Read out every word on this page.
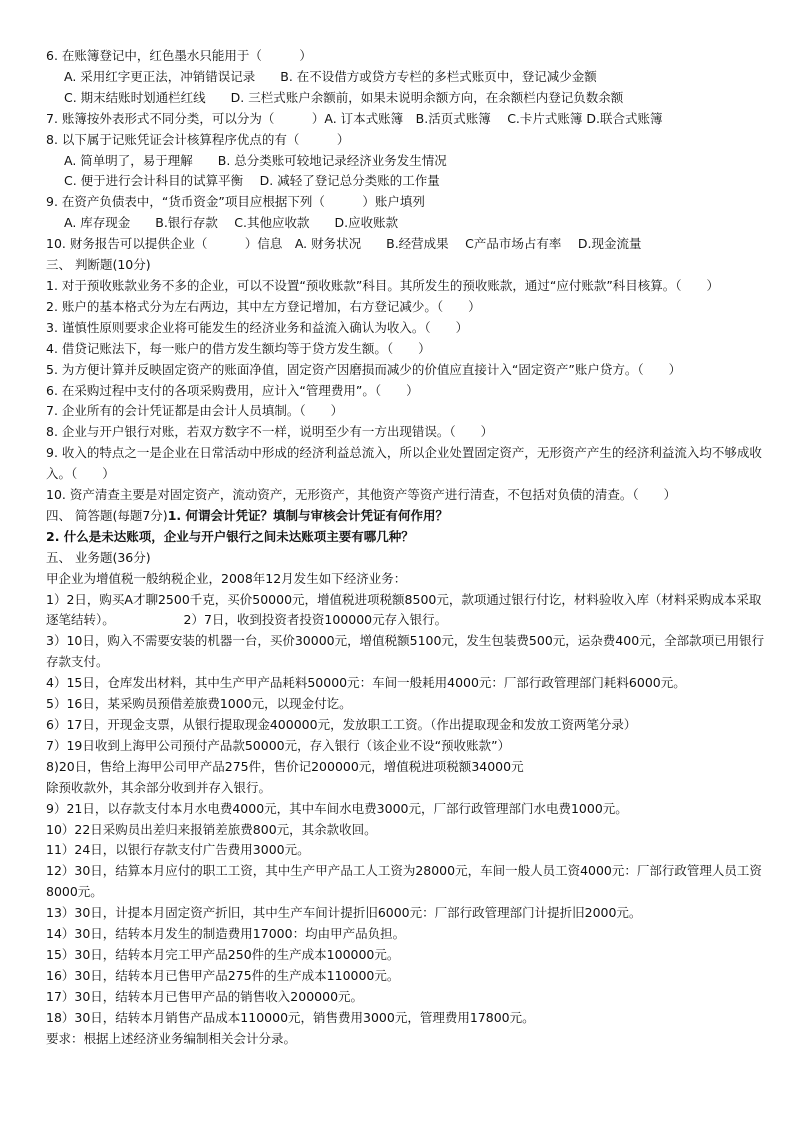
6. 在账簿登记中，红色墨水只能用于（　　　）
A. 采用红字更正法，冲销错误记录　　B. 在不设借方或贷方专栏的多栏式账页中，登记减少金额
C. 期末结账时划通栏红线　　D. 三栏式账户余额前，如果未说明余额方向，在余额栏内登记负数余额
7. 账簿按外表形式不同分类，可以分为（　　　）A. 订本式账簿　B.活页式账簿　 C.卡片式账簿 D.联合式账簿
8. 以下属于记账凭证会计核算程序优点的有（　　　）
A. 简单明了，易于理解　　B. 总分类账可较地记录经济业务发生情况
C. 便于进行会计科目的试算平衡　 D. 减轻了登记总分类账的工作量
9. 在资产负债表中，“货币资金”项目应根据下列（　　　）账户填列
A. 库存现金　　B.银行存款　 C.其他应收款　　D.应收账款
10. 财务报告可以提供企业（　　　）信息　A. 财务状况　　B.经营成果　 C产品市场占有率　 D.现金流量
三、 判断题(10分)
1. 对于预收账款业务不多的企业，可以不设置“预收账款”科目。其所发生的预收账款，通过“应付账款”科目核算。（　　）
2. 账户的基本格式分为左右两边，其中左方登记增加，右方登记减少。（　　）
3. 谨慎性原则要求企业将可能发生的经济业务和益流入确认为收入。（　　）
4. 借贷记账法下，每一账户的借方发生额均等于贷方发生额。（　　）
5. 为方便计算并反映固定资产的账面净值，固定资产因磨损而减少的价值应直接计入“固定资产”账户贷方。（　　）
6. 在采购过程中支付的各项采购费用，应计入“管理费用”。（　　）
7. 企业所有的会计凭证都是由会计人员填制。（　　）
8. 企业与开户银行对账，若双方数字不一样，说明至少有一方出现错误。（　　）
9. 收入的特点之一是企业在日常活动中形成的经济利益总流入，所以企业处置固定资产，无形资产产生的经济利益流入均不够成收入。（　　）
10. 资产清查主要是对固定资产，流动资产，无形资产，其他资产等资产进行清查，不包括对负债的清查。（　　）
四、 简答题(每题7分)1. 何谓会计凭证？填制与审核会计凭证有何作用？
2. 什么是未达账项，企业与开户银行之间未达账项主要有哪几种？
五、 业务题(36分)
甲企业为增值税一般纳税企业，2008年12月发生如下经济业务：
1）2日，购买A才聊2500千克，买价50000元，增值税进项税额8500元，款项通过银行付讫，材料验收入库（材料采购成本采取逐笔结转）。　　　　　　2）7日，收到投资者投资100000元存入银行。
3）10日，购入不需要安装的机器一台，买价30000元，增值税额5100元，发生包装费500元，运杂费400元，全部款项已用银行存款支付。
4）15日，仓库发出材料，其中生产甲产品耗料50000元：车间一般耗用4000元：厂部行政管理部门耗料6000元。
5）16日，某采购员预借差旅费1000元，以现金付讫。
6）17日，开现金支票，从银行提取现金400000元，发放职工工资。（作出提取现金和发放工资两笔分录）
7）19日收到上海甲公司预付产品款50000元，存入银行（该企业不设“预收账款”）
8)20日，售给上海甲公司甲产品275件，售价记200000元，增值税进项税额34000元
除预收款外，其余部分收到并存入银行。
9）21日，以存款支付本月水电费4000元，其中车间水电费3000元，厂部行政管理部门水电费1000元。
10）22日采购员出差归来报销差旅费800元，其余款收回。
11）24日，以银行存款支付广告费用3000元。
12）30日，结算本月应付的职工工资，其中生产甲产品工人工资为28000元，车间一般人员工资4000元：厂部行政管理人员工资8000元。
13）30日，计提本月固定资产折旧，其中生产车间计提折旧6000元：厂部行政管理部门计提折旧2000元。
14）30日，结转本月发生的制造费用17000：均由甲产品负担。
15）30日，结转本月完工甲产品250件的生产成本100000元。
16）30日，结转本月已售甲产品275件的生产成本110000元。
17）30日，结转本月已售甲产品的销售收入200000元。
18）30日，结转本月销售产品成本110000元，销售费用3000元，管理费用17800元。
要求：根据上述经济业务编制相关会计分录。
